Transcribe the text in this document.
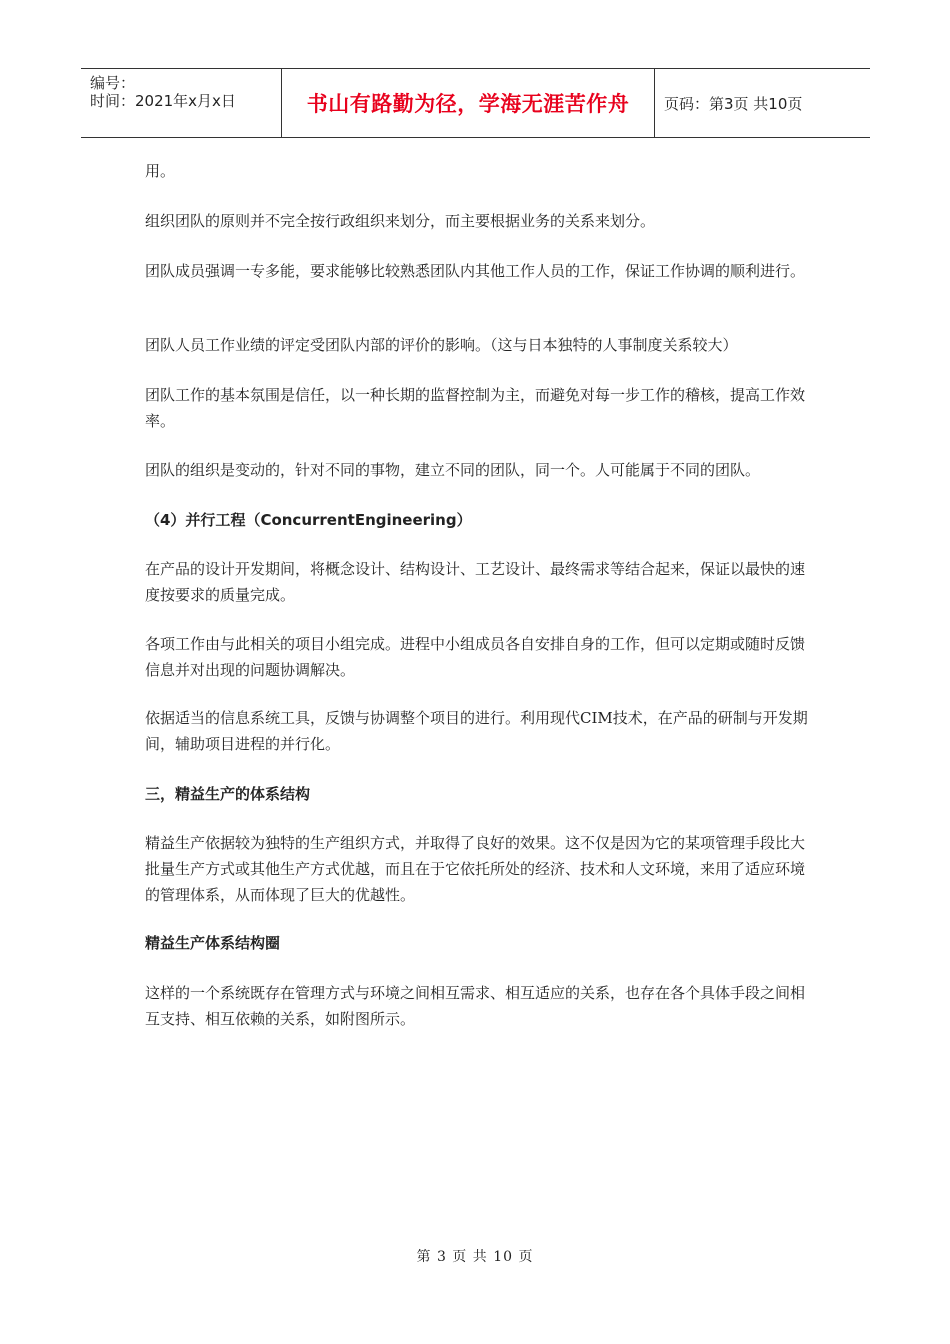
编号：
时间：2021年x月x日	书山有路勤为径，学海无涯苦作舟 页码：第3页 共10页

用。

组织团队的原则并不完全按行政组织来划分，而主要根据业务的关系来划分。

团队成员强调一专多能，要求能够比较熟悉团队内其他工作人员的工作，保证工作协调的顺利进行。

团队人员工作业绩的评定受团队内部的评价的影响。（这与日本独特的人事制度关系较大）

团队工作的基本氛围是信任，以一种长期的监督控制为主，而避免对每一步工作的稽核，提高工作效率。

团队的组织是变动的，针对不同的事物，建立不同的团队，同一个。人可能属于不同的团队。

（4）并行工程（ConcurrentEngineering）

在产品的设计开发期间，将概念设计、结构设计、工艺设计、最终需求等结合起来，保证以最快的速度按要求的质量完成。

各项工作由与此相关的项目小组完成。进程中小组成员各自安排自身的工作，但可以定期或随时反馈信息并对出现的问题协调解决。

依据适当的信息系统工具，反馈与协调整个项目的进行。利用现代CIM技术，在产品的研制与开发期间，辅助项目进程的并行化。

三，精益生产的体系结构

精益生产依据较为独特的生产组织方式，并取得了良好的效果。这不仅是因为它的某项管理手段比大批量生产方式或其他生产方式优越，而且在于它依托所处的经济、技术和人文环境，来用了适应环境的管理体系，从而体现了巨大的优越性。

精益生产体系结构圈

这样的一个系统既存在管理方式与环境之间相互需求、相互适应的关系，也存在各个具体手段之间相互支持、相互依赖的关系，如附图所示。

第 3 页 共 10 页
